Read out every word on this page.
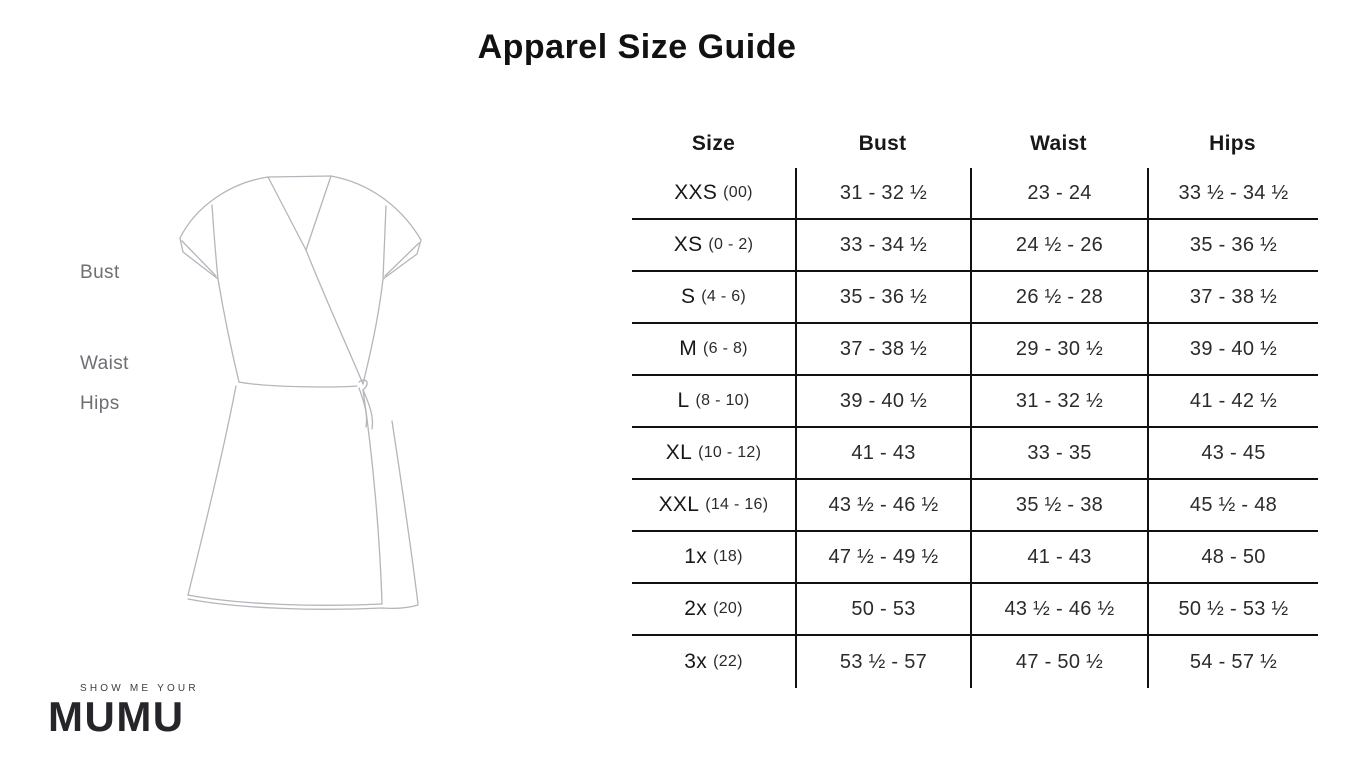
Apparel Size Guide
Bust
Waist
Hips
Size	Bust	Waist	Hips
XXS (00)	31 - 32 ½	23 - 24	33 ½ - 34 ½
XS (0 - 2)	33 - 34 ½	24 ½ - 26	35 - 36 ½
S (4 - 6)	35 - 36 ½	26 ½ - 28	37 - 38 ½
M (6 - 8)	37 - 38 ½	29 - 30 ½	39 - 40 ½
L (8 - 10)	39 - 40 ½	31 - 32 ½	41 - 42 ½
XL (10 - 12)	41 - 43	33 - 35	43 - 45
XXL (14 - 16)	43 ½ - 46 ½	35 ½ - 38	45 ½ - 48
1x (18)	47 ½ - 49 ½	41 - 43	48 - 50
2x (20)	50 - 53	43 ½ - 46 ½	50 ½ - 53 ½
3x (22)	53 ½ - 57	47 - 50 ½	54 - 57 ½
SHOW ME YOUR
MUMU
